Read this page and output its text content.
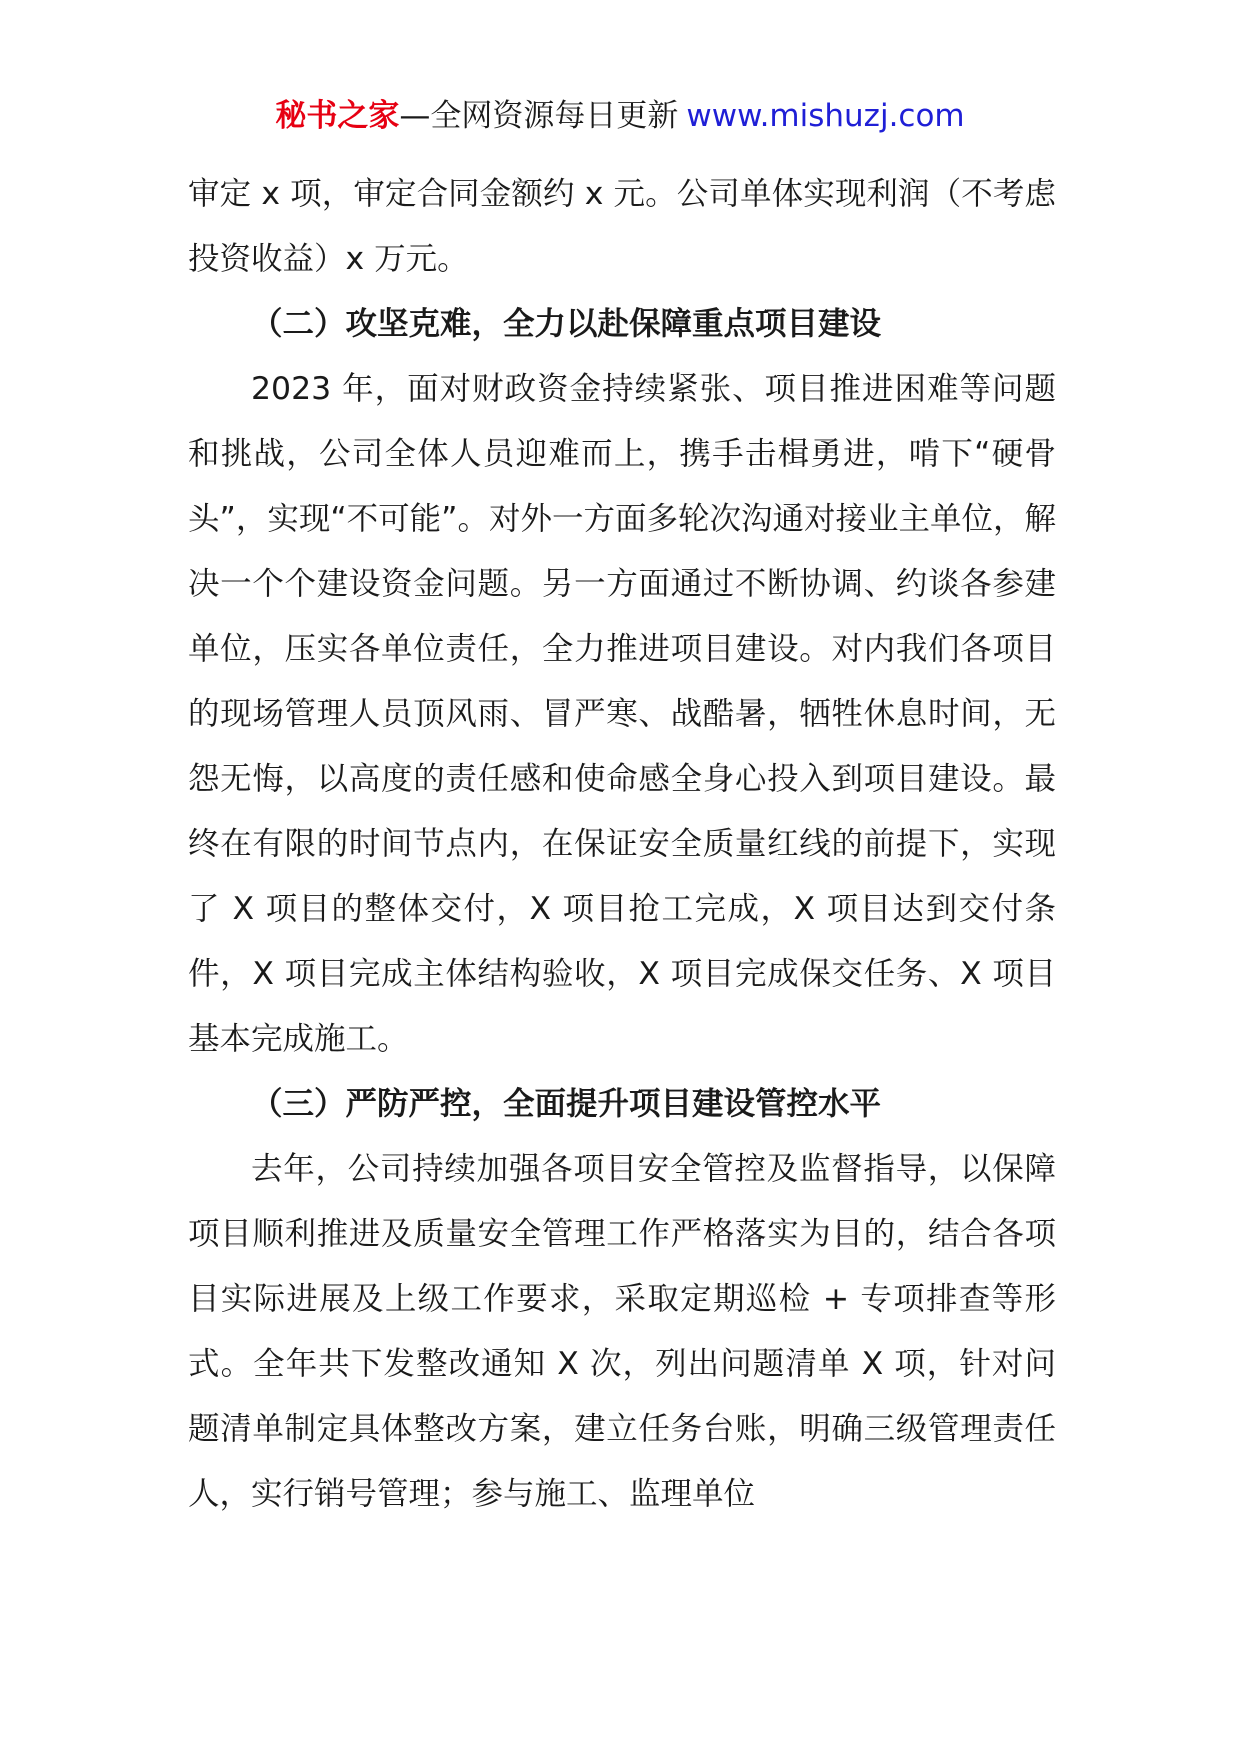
秘书之家—全网资源每日更新 www.mishuzj.com

审定 x 项，审定合同金额约 x 元。公司单体实现利润（不考虑投资收益）x 万元。

（二）攻坚克难，全力以赴保障重点项目建设

2023 年，面对财政资金持续紧张、项目推进困难等问题和挑战，公司全体人员迎难而上，携手击楫勇进，啃下“硬骨头”，实现“不可能”。对外一方面多轮次沟通对接业主单位，解决一个个建设资金问题。另一方面通过不断协调、约谈各参建单位，压实各单位责任，全力推进项目建设。对内我们各项目的现场管理人员顶风雨、冒严寒、战酷暑，牺牲休息时间，无怨无悔，以高度的责任感和使命感全身心投入到项目建设。最终在有限的时间节点内，在保证安全质量红线的前提下，实现了 X 项目的整体交付，X 项目抢工完成，X 项目达到交付条件，X 项目完成主体结构验收，X 项目完成保交任务、X 项目基本完成施工。

（三）严防严控，全面提升项目建设管控水平

去年，公司持续加强各项目安全管控及监督指导，以保障项目顺利推进及质量安全管理工作严格落实为目的，结合各项目实际进展及上级工作要求，采取定期巡检 + 专项排查等形式。全年共下发整改通知 X 次，列出问题清单 X 项，针对问题清单制定具体整改方案，建立任务台账，明确三级管理责任人，实行销号管理；参与施工、监理单位
